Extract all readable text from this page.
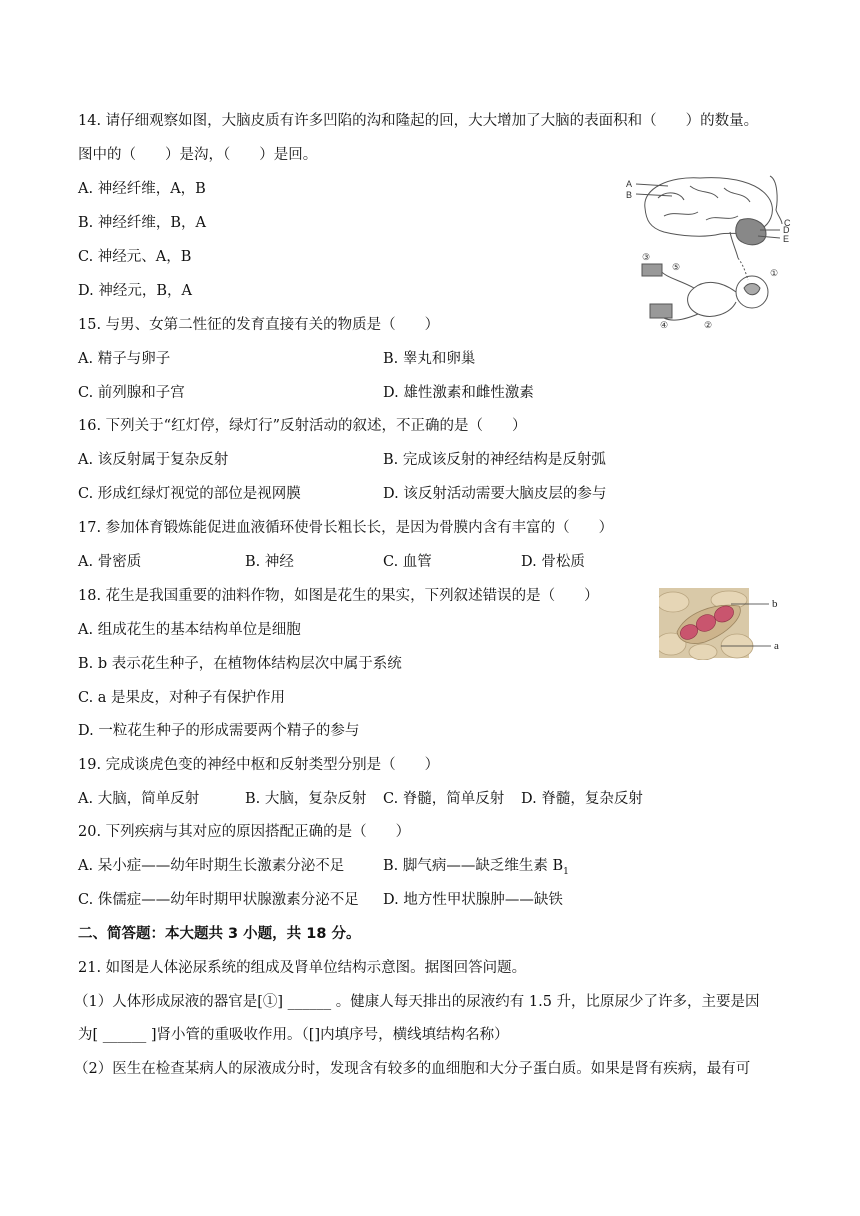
14. 请仔细观察如图，大脑皮质有许多凹陷的沟和隆起的回，大大增加了大脑的表面积和（　　）的数量。
图中的（　　）是沟，（　　）是回。
A. 神经纤维，A，B
B. 神经纤维，B，A
C. 神经元、A，B
D. 神经元，B，A
A
B
C
D
E
①
②
③
④
⑤
15. 与男、女第二性征的发育直接有关的物质是（　　）
A. 精子与卵子	B. 睾丸和卵巢
C. 前列腺和子宫	D. 雄性激素和雌性激素
16. 下列关于“红灯停，绿灯行”反射活动的叙述，不正确的是（　　）
A. 该反射属于复杂反射	B. 完成该反射的神经结构是反射弧
C. 形成红绿灯视觉的部位是视网膜	D. 该反射活动需要大脑皮层的参与
17. 参加体育锻炼能促进血液循环使骨长粗长长，是因为骨膜内含有丰富的（　　）
A. 骨密质	B. 神经	C. 血管	D. 骨松质
18. 花生是我国重要的油料作物，如图是花生的果实，下列叙述错误的是（　　）
A. 组成花生的基本结构单位是细胞
B. b 表示花生种子，在植物体结构层次中属于系统
C. a 是果皮，对种子有保护作用
D. 一粒花生种子的形成需要两个精子的参与
b
a
19. 完成谈虎色变的神经中枢和反射类型分别是（　　）
A. 大脑，简单反射	B. 大脑，复杂反射 C. 脊髓，简单反射 D. 脊髓，复杂反射
20. 下列疾病与其对应的原因搭配正确的是（　　）
A. 呆小症——幼年时期生长激素分泌不足	B. 脚气病——缺乏维生素 $B_1$
C. 侏儒症——幼年时期甲状腺激素分泌不足 D. 地方性甲状腺肿——缺铁
二、简答题：本大题共 3 小题，共 18 分。
21. 如图是人体泌尿系统的组成及肾单位结构示意图。据图回答问题。
（1）人体形成尿液的器官是[①] ______ 。健康人每天排出的尿液约有 1.5 升，比原尿少了许多，主要是因
为[ ______ ]肾小管的重吸收作用。（[]内填序号，横线填结构名称）
（2）医生在检查某病人的尿液成分时，发现含有较多的血细胞和大分子蛋白质。如果是肾有疾病，最有可
